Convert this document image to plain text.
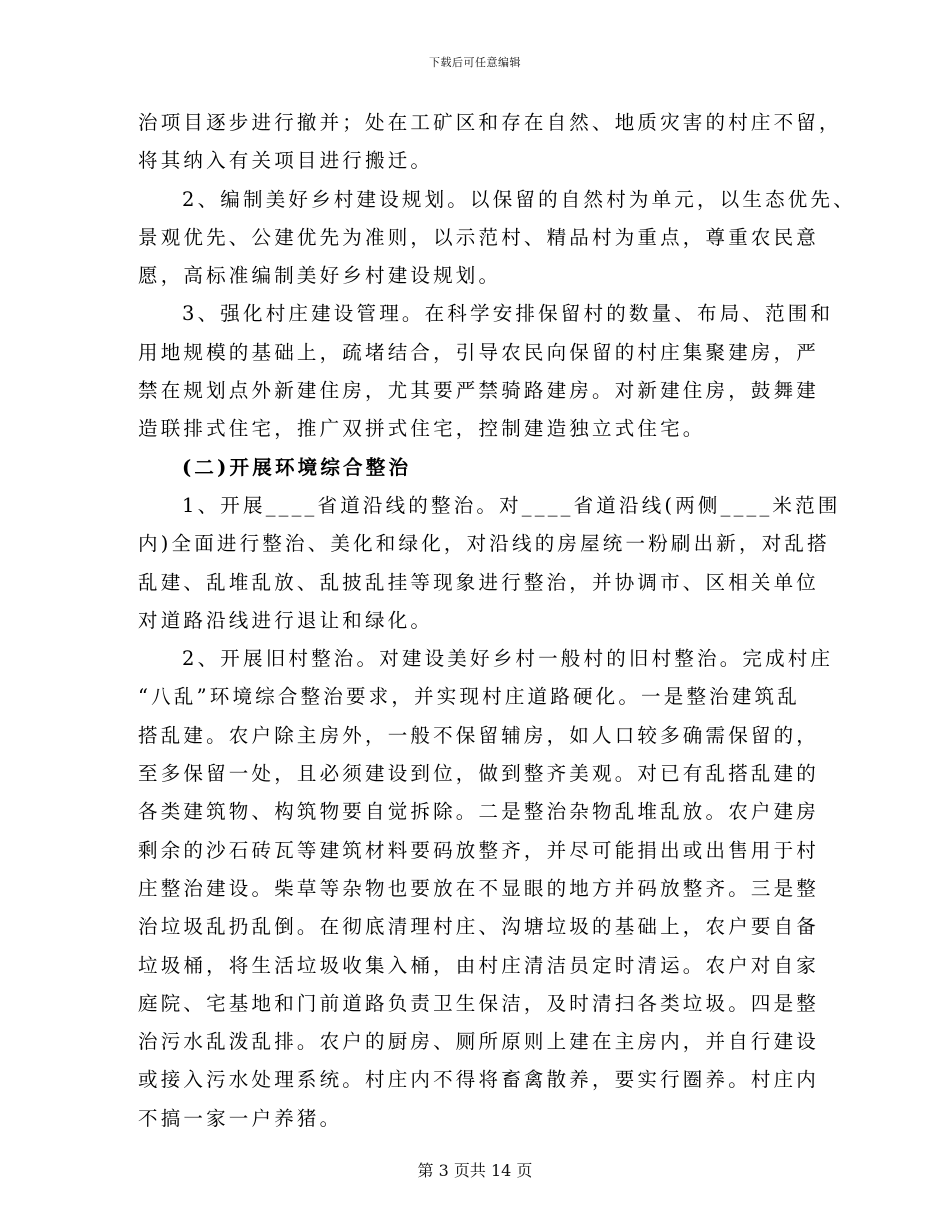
下载后可任意编辑
治项目逐步进行撤并；处在工矿区和存在自然、地质灾害的村庄不留，
将其纳入有关项目进行搬迁。
2、编制美好乡村建设规划。以保留的自然村为单元，以生态优先、
景观优先、公建优先为准则，以示范村、精品村为重点，尊重农民意
愿，高标准编制美好乡村建设规划。
3、强化村庄建设管理。在科学安排保留村的数量、布局、范围和
用地规模的基础上，疏堵结合，引导农民向保留的村庄集聚建房，严
禁在规划点外新建住房，尤其要严禁骑路建房。对新建住房，鼓舞建
造联排式住宅，推广双拼式住宅，控制建造独立式住宅。
(二)开展环境综合整治
1、开展____省道沿线的整治。对____省道沿线(两侧____米范围
内)全面进行整治、美化和绿化，对沿线的房屋统一粉刷出新，对乱搭
乱建、乱堆乱放、乱披乱挂等现象进行整治，并协调市、区相关单位
对道路沿线进行退让和绿化。
2、开展旧村整治。对建设美好乡村一般村的旧村整治。完成村庄
“八乱”环境综合整治要求，并实现村庄道路硬化。一是整治建筑乱
搭乱建。农户除主房外，一般不保留辅房，如人口较多确需保留的，
至多保留一处，且必须建设到位，做到整齐美观。对已有乱搭乱建的
各类建筑物、构筑物要自觉拆除。二是整治杂物乱堆乱放。农户建房
剩余的沙石砖瓦等建筑材料要码放整齐，并尽可能捐出或出售用于村
庄整治建设。柴草等杂物也要放在不显眼的地方并码放整齐。三是整
治垃圾乱扔乱倒。在彻底清理村庄、沟塘垃圾的基础上，农户要自备
垃圾桶，将生活垃圾收集入桶，由村庄清洁员定时清运。农户对自家
庭院、宅基地和门前道路负责卫生保洁，及时清扫各类垃圾。四是整
治污水乱泼乱排。农户的厨房、厕所原则上建在主房内，并自行建设
或接入污水处理系统。村庄内不得将畜禽散养，要实行圈养。村庄内
不搞一家一户养猪。
第 3 页共 14 页
